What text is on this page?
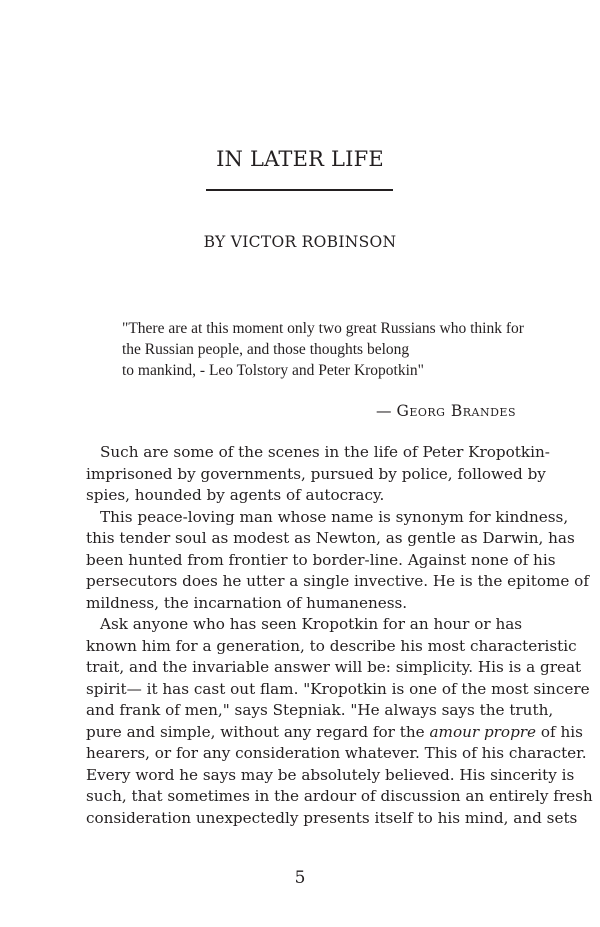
IN LATER LIFE
BY VICTOR ROBINSON
"There are at this moment only two great Russians who think for
the Russian people, and those thoughts belong
to mankind, - Leo Tolstory and Peter Kropotkin"
— Georg Brandes
Such are some of the scenes in the life of Peter Kropotkin-
imprisoned by governments, pursued by police, followed by
spies, hounded by agents of autocracy.
This peace-loving man whose name is synonym for kindness,
this tender soul as modest as Newton, as gentle as Darwin, has
been hunted from frontier to border-line. Against none of his
persecutors does he utter a single invective. He is the epitome of
mildness, the incarnation of humaneness.
Ask anyone who has seen Kropotkin for an hour or has
known him for a generation, to describe his most characteristic
trait, and the invariable answer will be: simplicity. His is a great
spirit— it has cast out flam. "Kropotkin is one of the most sincere
and frank of men," says Stepniak. "He always says the truth,
pure and simple, without any regard for the amour propre of his
hearers, or for any consideration whatever. This of his character.
Every word he says may be absolutely believed. His sincerity is
such, that sometimes in the ardour of discussion an entirely fresh
consideration unexpectedly presents itself to his mind, and sets
5
